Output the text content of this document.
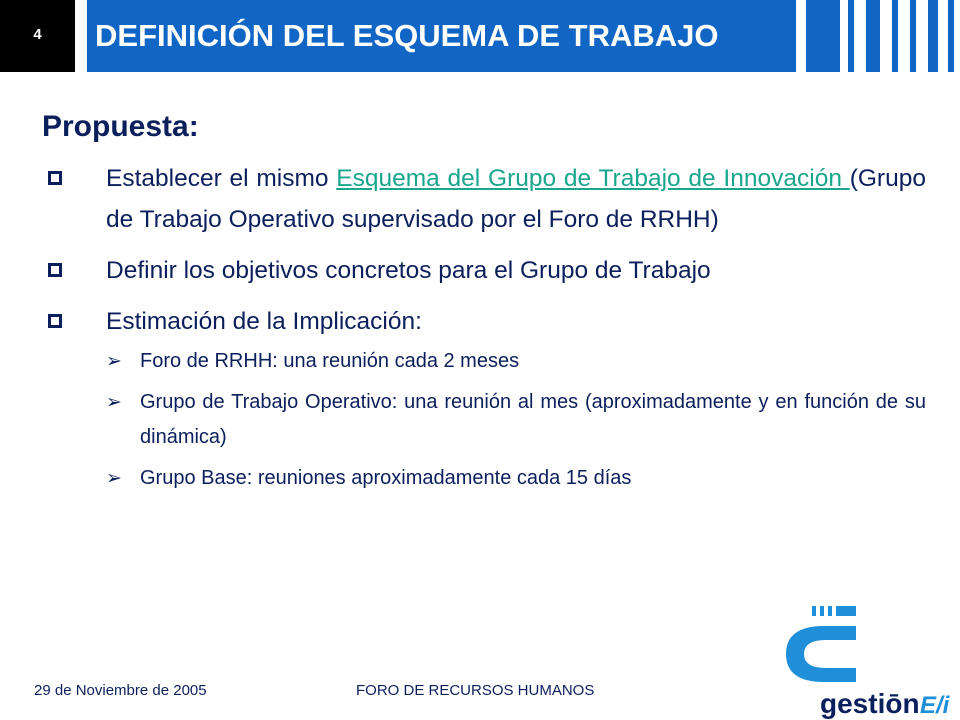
4	DEFINICIÓN DEL ESQUEMA DE TRABAJO
Propuesta:
Establecer el mismo Esquema del Grupo de Trabajo de Innovación (Grupo de Trabajo Operativo supervisado por el Foro de RRHH)
Definir los objetivos concretos para el Grupo de Trabajo
Estimación de la Implicación:
➢ Foro de RRHH: una reunión cada 2 meses
➢ Grupo de Trabajo Operativo: una reunión al mes (aproximadamente y en función de su dinámica)
➢ Grupo Base: reuniones aproximadamente cada 15 días
29 de Noviembre de 2005	FORO DE RECURSOS HUMANOS	gestiōn E/i
